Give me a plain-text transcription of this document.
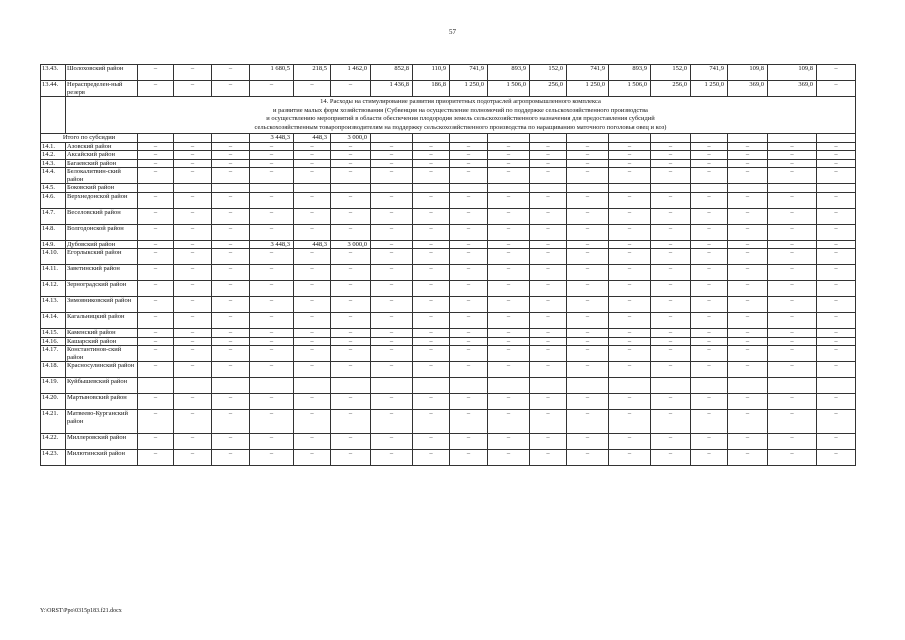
57
13.43.	Шолоховский район	–	–	–	1 680,5	218,5	1 462,0	852,8	110,9	741,9	893,9	152,0	741,9	893,9	152,0	741,9	109,8	109,8	–
13.44.	Нераспределен-ный резерв	–	–	–	–	–	–	1 436,8	186,8	1 250,0	1 506,0	256,0	1 250,0	1 506,0	256,0	1 250,0	369,0	369,0	–

	14. Расходы на стимулирование развития приоритетных подотраслей агропромышленного комплекса
и развитие малых форм хозяйствования (Субвенция на осуществление полномочий по поддержке сельскохозяйственного производства
и осуществлению мероприятий в области обеспечения плодородия земель сельскохозяйственного назначения для предоставления субсидий
сельскохозяйственным товаропроизводителям на поддержку сельскохозяйственного производства по наращиванию маточного поголовья овец и коз)																		

Итого по субсидии					3 448,3	448,3	3 000,0												
14.1.	Азовский район	–	–	–	–	–	–	–	–	–	–	–	–	–	–	–	–	–	–
14.2.	Аксайский район	–	–	–	–	–	–	–	–	–	–	–	–	–	–	–	–	–	–
14.3.	Багаевский район	–	–	–	–	–	–	–	–	–	–	–	–	–	–	–	–	–	–
14.4.	Белокалитвин-ский район	–	–	–	–	–	–	–	–	–	–	–	–	–	–	–	–	–	–
14.5.	Боковский район																		
14.6.	Верхнедонской район	–	–	–	–	–	–	–	–	–	–	–	–	–	–	–	–	–	–
14.7.	Веселовский район	–	–	–	–	–	–	–	–	–	–	–	–	–	–	–	–	–	–
14.8.	Волгодонской район	–	–	–	–	–	–	–	–	–	–	–	–	–	–	–	–	–	–
14.9.	Дубовский район	–	–	–	3 448,3	448,3	3 000,0	–	–	–	–	–	–	–	–	–	–	–	–
14.10.	Егорлыкский район	–	–	–	–	–	–	–	–	–	–	–	–	–	–	–	–	–	–
14.11.	Заветинский район	–	–	–	–	–	–	–	–	–	–	–	–	–	–	–	–	–	–
14.12.	Зерноградский район	–	–	–	–	–	–	–	–	–	–	–	–	–	–	–	–	–	–
14.13.	Зимовниковский район	–	–	–	–	–	–	–	–	–	–	–	–	–	–	–	–	–	–
14.14.	Кагальницкий район	–	–	–	–	–	–	–	–	–	–	–	–	–	–	–	–	–	–
14.15.	Каменский район	–	–	–	–	–	–	–	–	–	–	–	–	–	–	–	–	–	–
14.16.	Кашарский район	–	–	–	–	–	–	–	–	–	–	–	–	–	–	–	–	–	–
14.17.	Константинов-ский район	–	–	–	–	–	–	–	–	–	–	–	–	–	–	–	–	–	–
14.18.	Красносулинский район	–	–	–	–	–	–	–	–	–	–	–	–	–	–	–	–	–	–
14.19.	Куйбышевский район																		
14.20.	Мартыновский район	–	–	–	–	–	–	–	–	–	–	–	–	–	–	–	–	–	–
14.21.	Матвеево-Курганский район	–	–	–	–	–	–	–	–	–	–	–	–	–	–	–	–	–	–
14.22.	Миллеровский район	–	–	–	–	–	–	–	–	–	–	–	–	–	–	–	–	–	–
14.23.	Милютинский район	–	–	–	–	–	–	–	–	–	–	–	–	–	–	–	–	–	–
Y:\ORST\Ppo\0315p183.f21.docx
